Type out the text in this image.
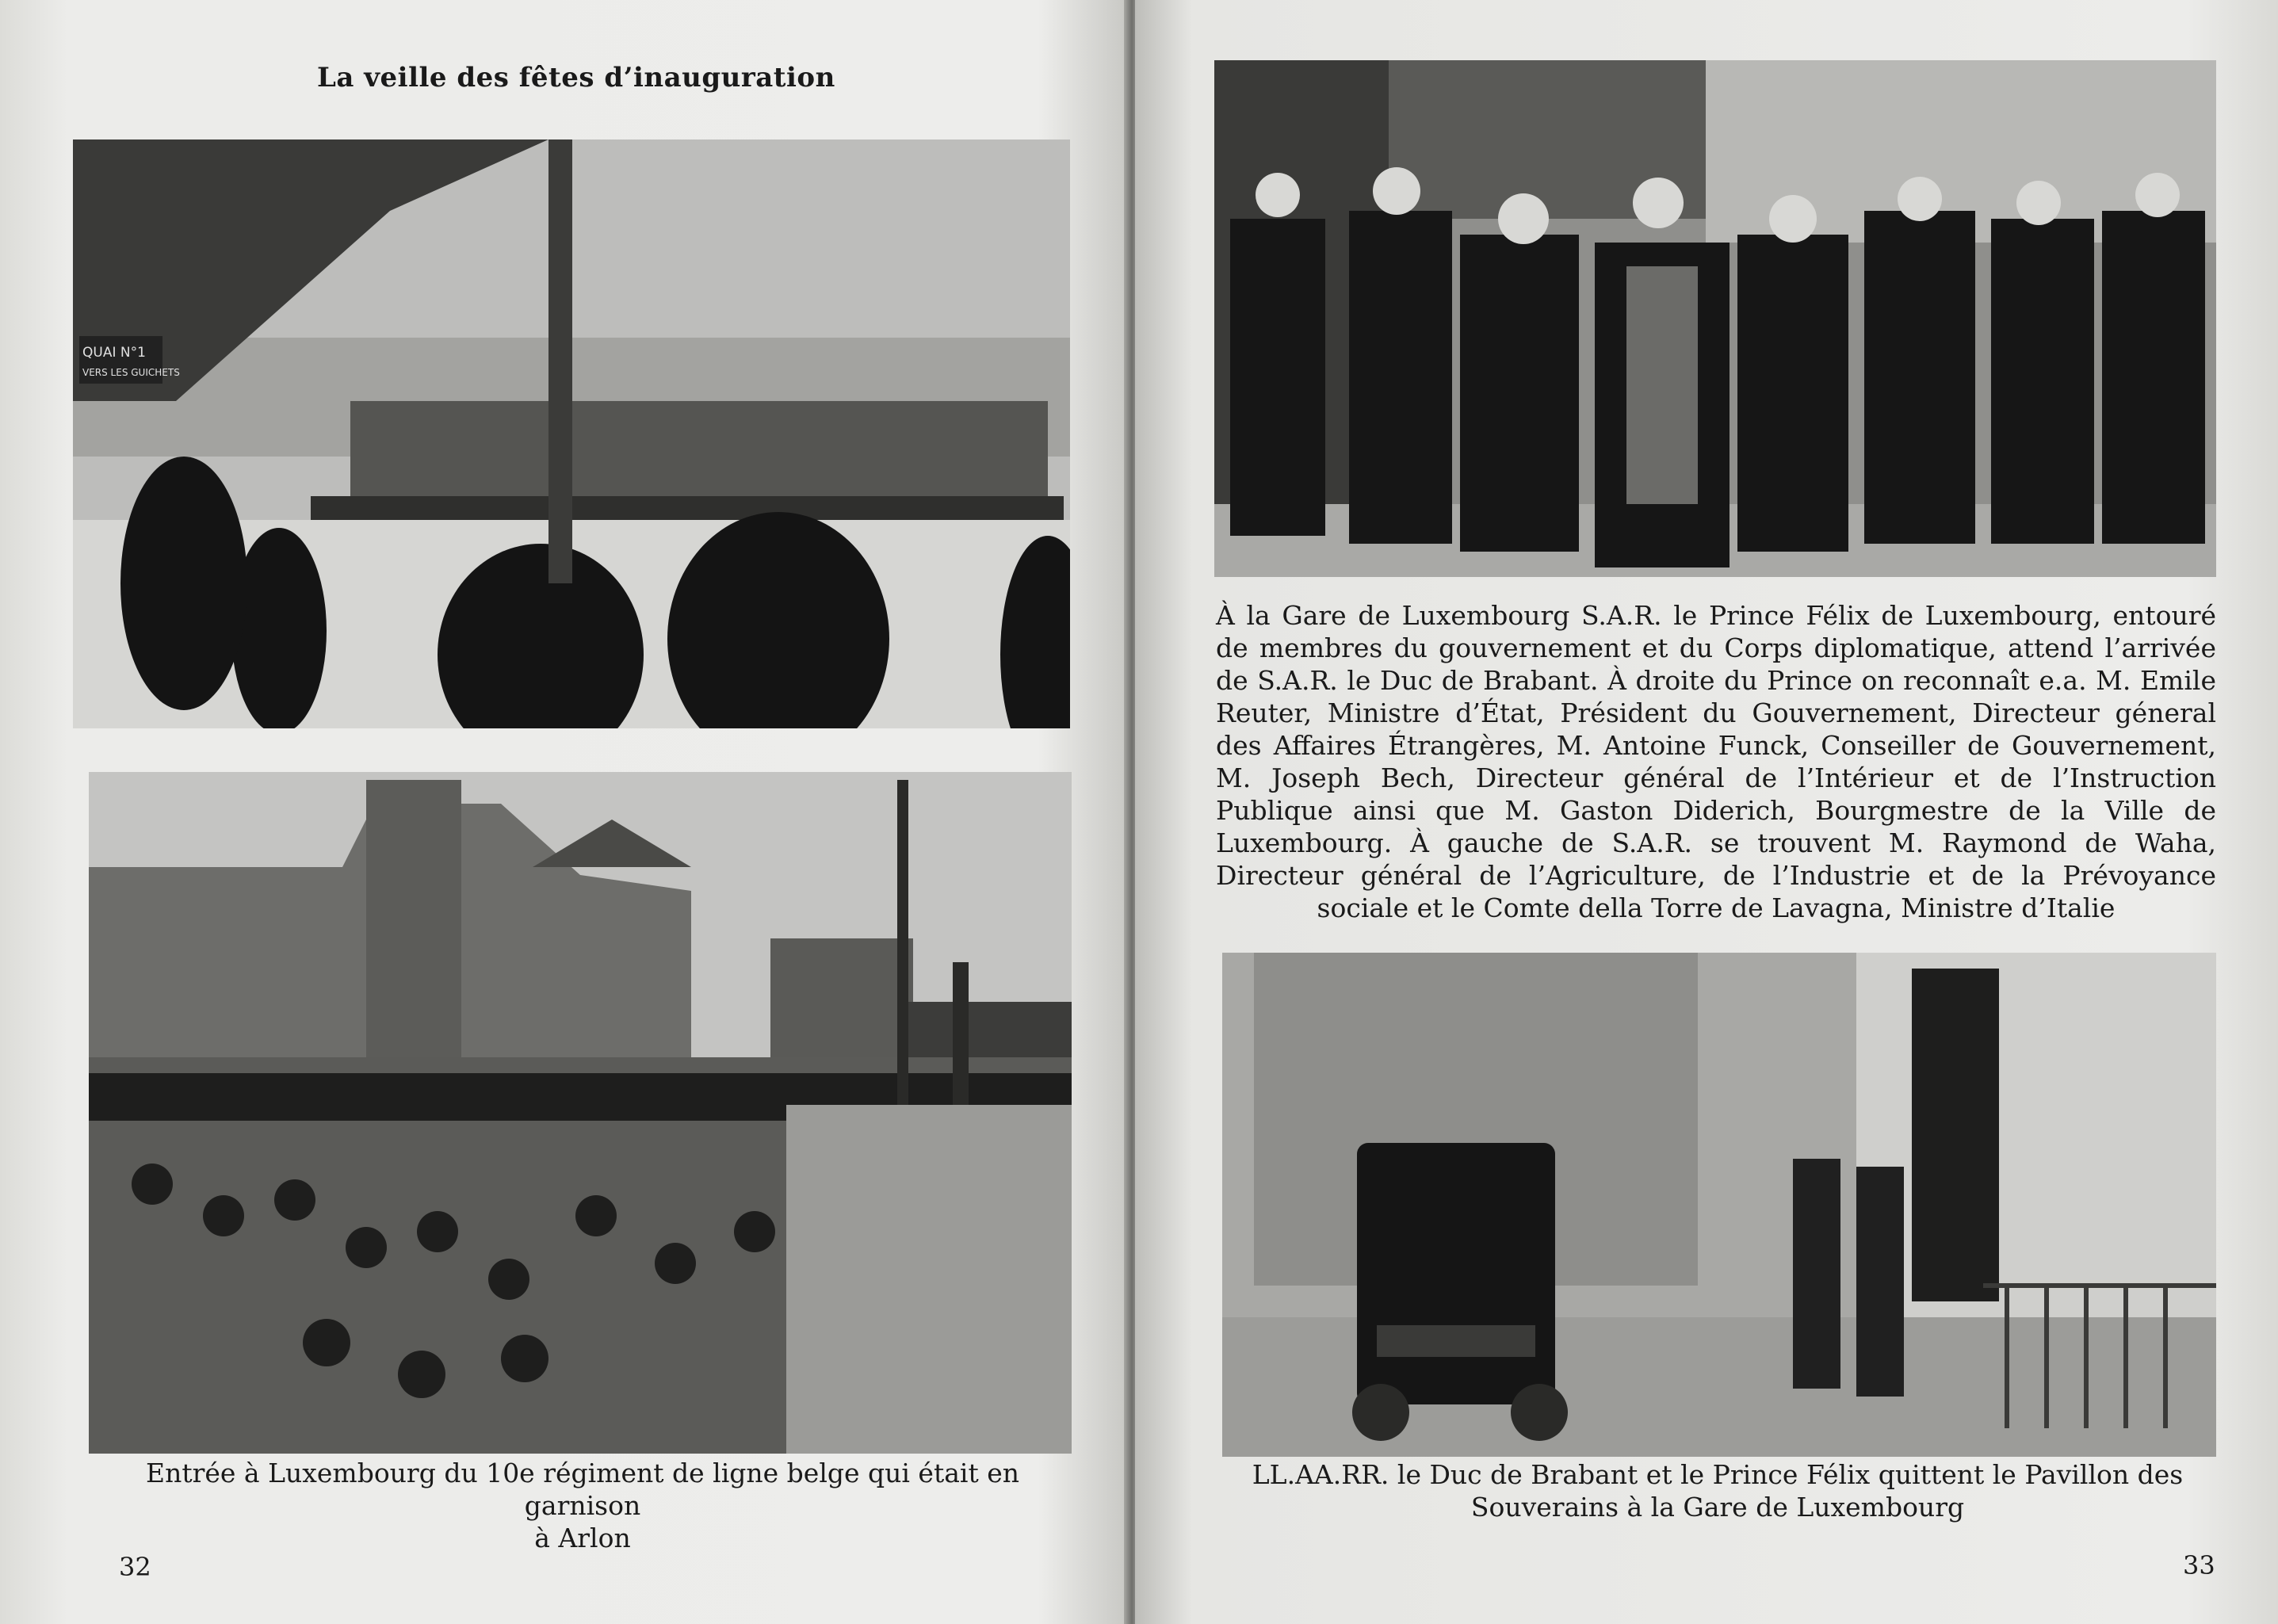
La veille des fêtes d’inauguration
QUAI N°1
VERS LES GUICHETS

Entrée à Luxembourg du 10e régiment de ligne belge qui était en garnison

à Arlon

32

À la Gare de Luxembourg S.A.R. le Prince Félix de Luxembourg, entouré de membres du gouvernement et du Corps diplomatique, attend l’arrivée de S.A.R. le Duc de Brabant. À droite du Prince on reconnaît e.a. M. Emile Reuter, Ministre d’État, Président du Gouvernement, Directeur géneral des Affaires Étrangères, M. Antoine Funck, Conseiller de Gouvernement, M. Joseph Bech, Directeur général de l’Intérieur et de l’Instruction Publique ainsi que M. Gaston Diderich, Bourgmestre de la Ville de Luxembourg. À gauche de S.A.R. se trouvent M. Raymond de Waha, Directeur général de l’Agriculture, de l’Industrie et de la Prévoyance sociale et le Comte della Torre de Lavagna, Ministre d’Italie

LL.AA.RR. le Duc de Brabant et le Prince Félix quittent le Pavillon des

Souverains à la Gare de Luxembourg

33
